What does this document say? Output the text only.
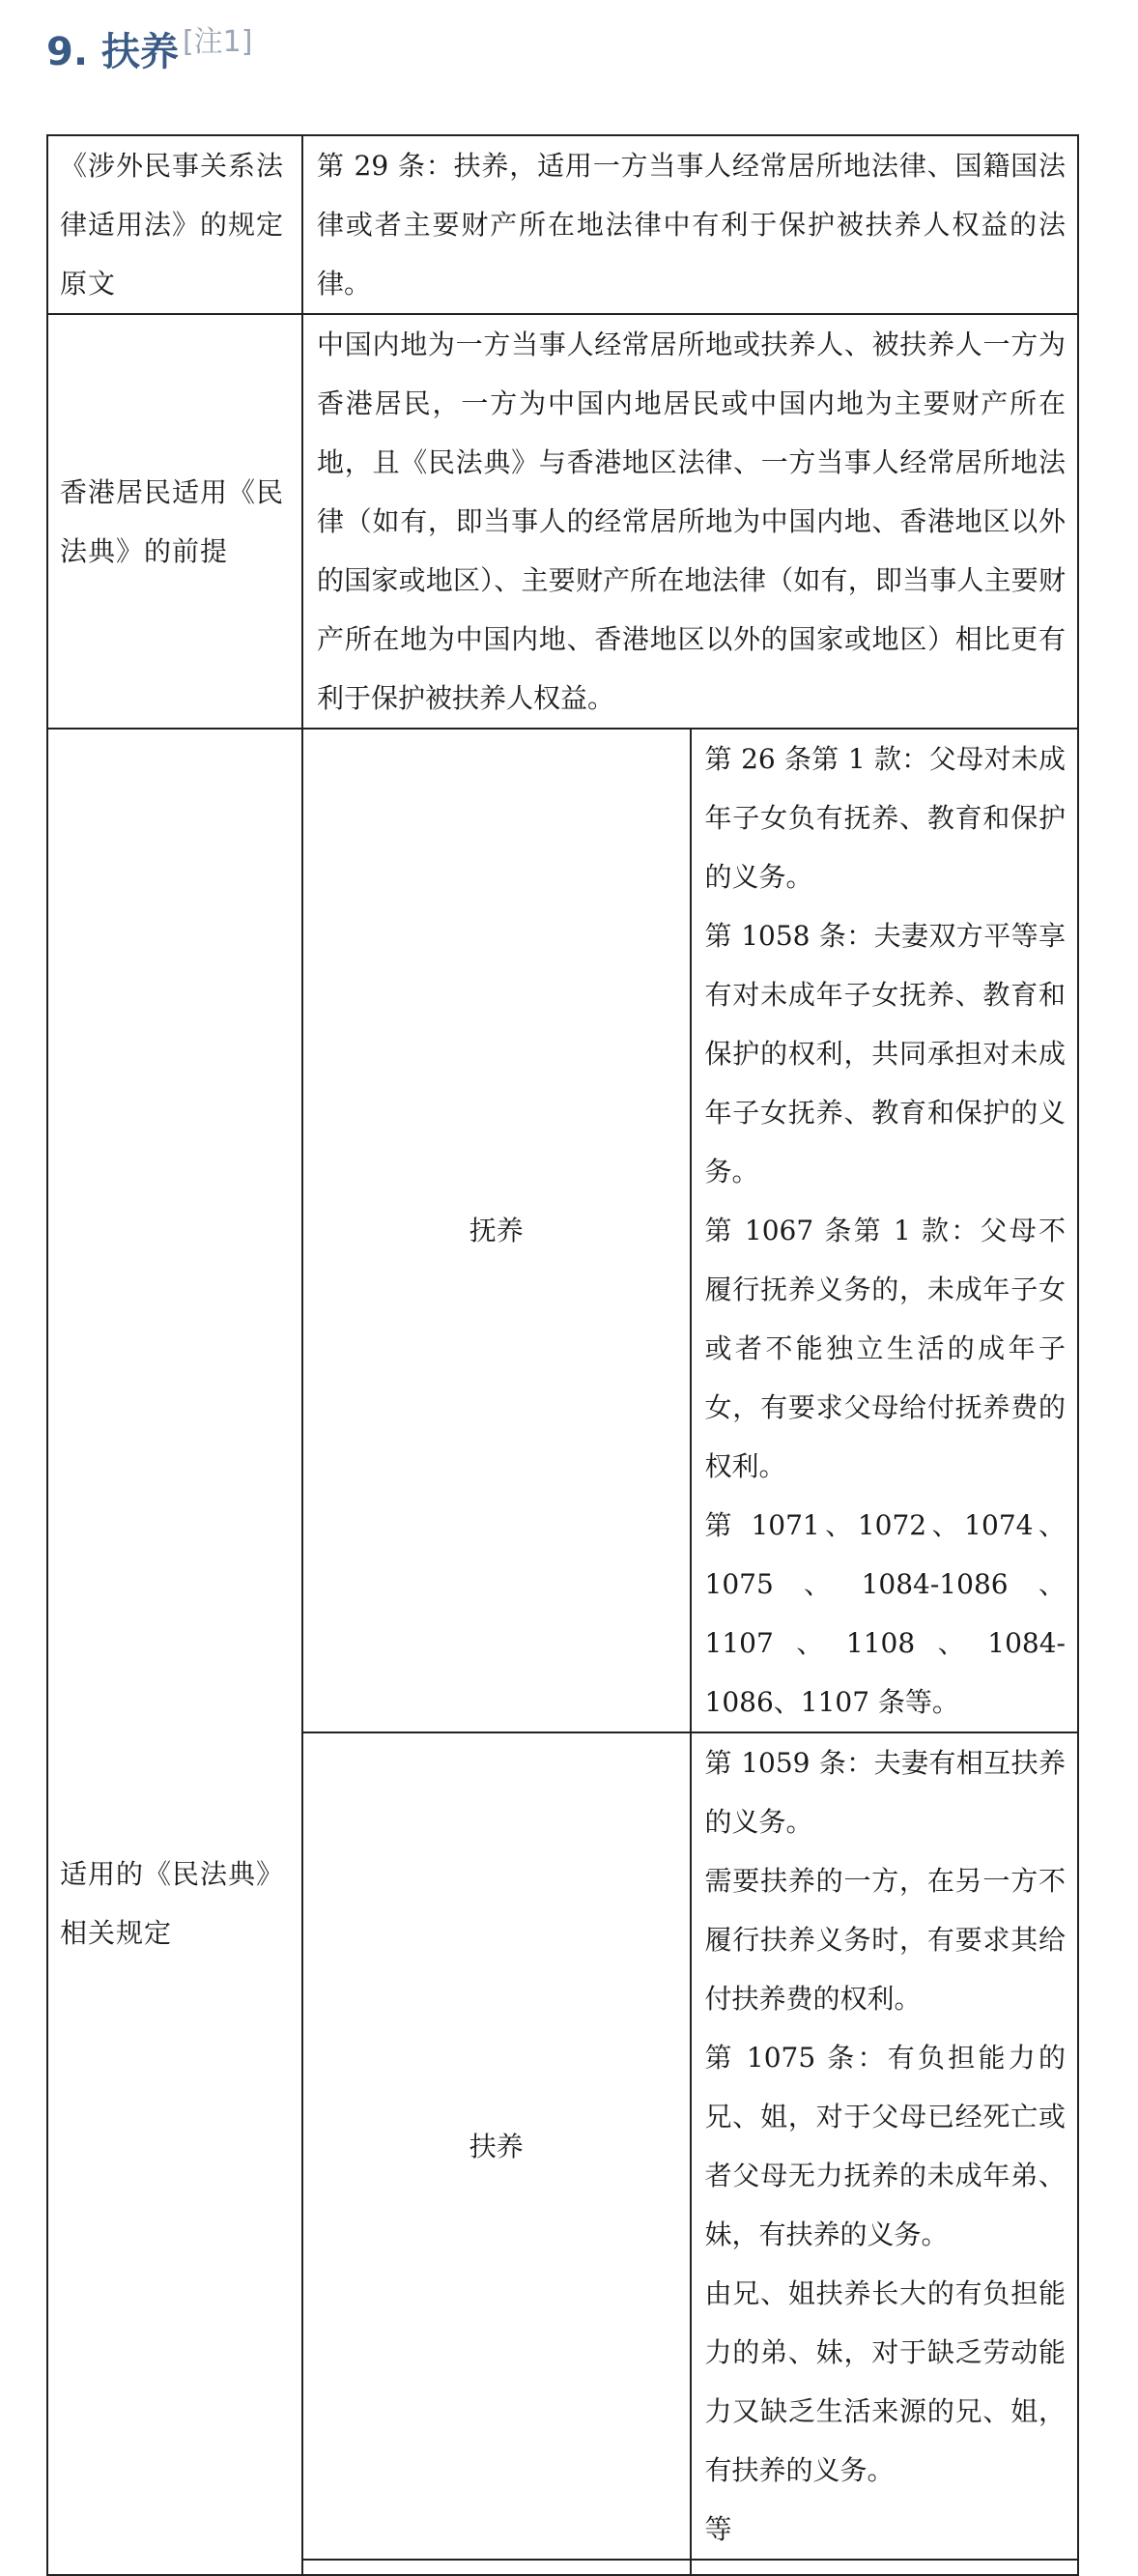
9. 扶养 [注1]
《涉外民事关系法律适用法》的规定原文	第 29 条：扶养，适用一方当事人经常居所地法律、国籍国法律或者主要财产所在地法律中有利于保护被扶养人权益的法律。	

香港居民适用《民法典》的前提	中国内地为一方当事人经常居所地或扶养人、被扶养人一方为香港居民，一方为中国内地居民或中国内地为主要财产所在地，且《民法典》与香港地区法律、一方当事人经常居所地法律（如有，即当事人的经常居所地为中国内地、香港地区以外的国家或地区）、主要财产所在地法律（如有，即当事人主要财产所在地为中国内地、香港地区以外的国家或地区）相比更有利于保护被扶养人权益。	

适用的《民法典》相关规定	抚养	第 26 条第 1 款：父母对未成年子女负有抚养、教育和保护的义务。

第 1058 条：夫妻双方平等享有对未成年子女抚养、教育和保护的权利，共同承担对未成年子女抚养、教育和保护的义务。

第 1067 条第 1 款：父母不履行抚养义务的，未成年子女或者不能独立生活的成年子女，有要求父母给付抚养费的权利。

第 1071、1072、1074、1075、1084-1086、1107、1108、1084-1086、1107 条等。

	扶养	第 1059 条：夫妻有相互扶养的义务。

需要扶养的一方，在另一方不履行扶养义务时，有要求其给付扶养费的权利。

第 1075 条：有负担能力的兄、姐，对于父母已经死亡或者父母无力抚养的未成年弟、妹，有扶养的义务。

由兄、姐扶养长大的有负担能力的弟、妹，对于缺乏劳动能力又缺乏生活来源的兄、姐，有扶养的义务。

等
